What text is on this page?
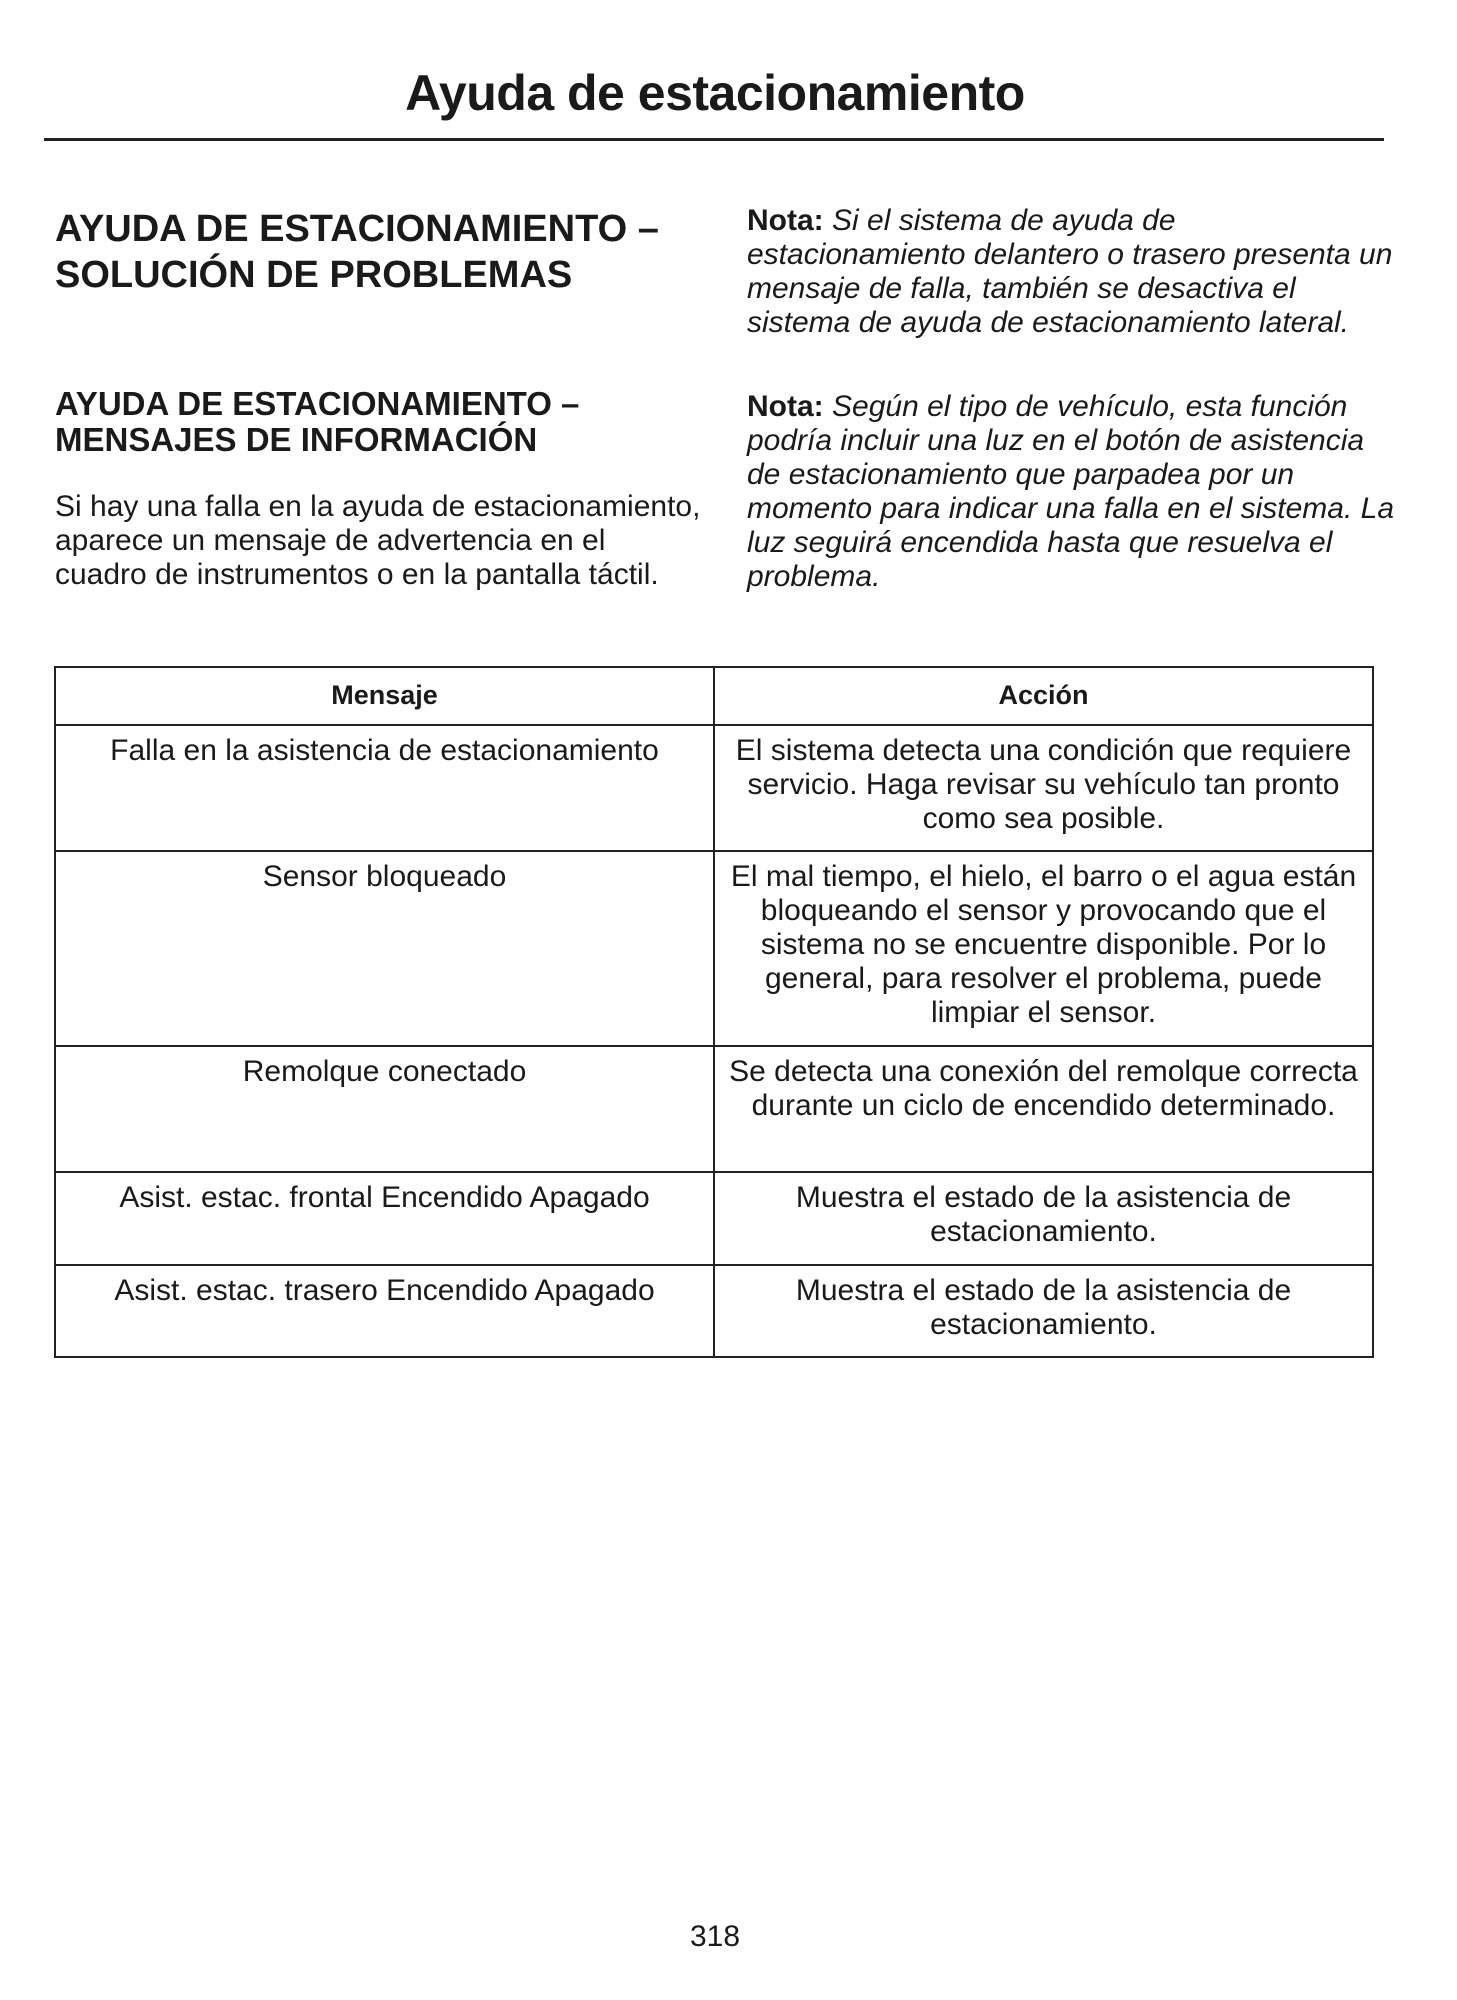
Ayuda de estacionamiento
AYUDA DE ESTACIONAMIENTO – SOLUCIÓN DE PROBLEMAS
AYUDA DE ESTACIONAMIENTO – MENSAJES DE INFORMACIÓN
Si hay una falla en la ayuda de estacionamiento, aparece un mensaje de advertencia en el cuadro de instrumentos o en la pantalla táctil.
Nota: Si el sistema de ayuda de estacionamiento delantero o trasero presenta un mensaje de falla, también se desactiva el sistema de ayuda de estacionamiento lateral.
Nota: Según el tipo de vehículo, esta función podría incluir una luz en el botón de asistencia de estacionamiento que parpadea por un momento para indicar una falla en el sistema. La luz seguirá encendida hasta que resuelva el problema.
Mensaje	Acción
Falla en la asistencia de estacionamiento	El sistema detecta una condición que requiere servicio. Haga revisar su vehículo tan pronto como sea posible.
Sensor bloqueado	El mal tiempo, el hielo, el barro o el agua están bloqueando el sensor y provocando que el sistema no se encuentre disponible. Por lo general, para resolver el problema, puede limpiar el sensor.
Remolque conectado	Se detecta una conexión del remolque correcta durante un ciclo de encendido determinado.
Asist. estac. frontal Encendido Apagado	Muestra el estado de la asistencia de estacionamiento.
Asist. estac. trasero Encendido Apagado	Muestra el estado de la asistencia de estacionamiento.
318
